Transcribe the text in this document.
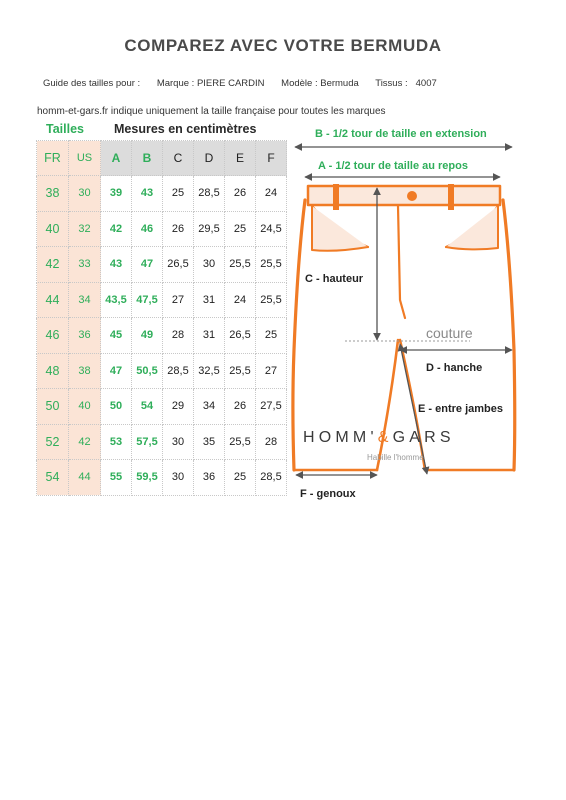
COMPAREZ AVEC VOTRE BERMUDA
Guide des tailles pour : Marque : PIERE CARDIN Modèle : Bermuda Tissus : 4007
homm-et-gars.fr indique uniquement la taille française pour toutes les marques
Tailles Mesures en centimètres
FR	US	A	B	C	D	E	F
38	30	39	43	25	28,5	26	24
40	32	42	46	26	29,5	25	24,5
42	33	43	47	26,5	30	25,5	25,5
44	34	43,5	47,5	27	31	24	25,5
46	36	45	49	28	31	26,5	25
48	38	47	50,5	28,5	32,5	25,5	27
50	40	50	54	29	34	26	27,5
52	42	53	57,5	30	35	25,5	28
54	44	55	59,5	30	36	25	28,5
B - 1/2 tour de taille en extension
A - 1/2 tour de taille au repos
C - hauteur
couture
D - hanche
E - entre jambes
F - genoux
HOMM'&GARS
Habille l'homme
